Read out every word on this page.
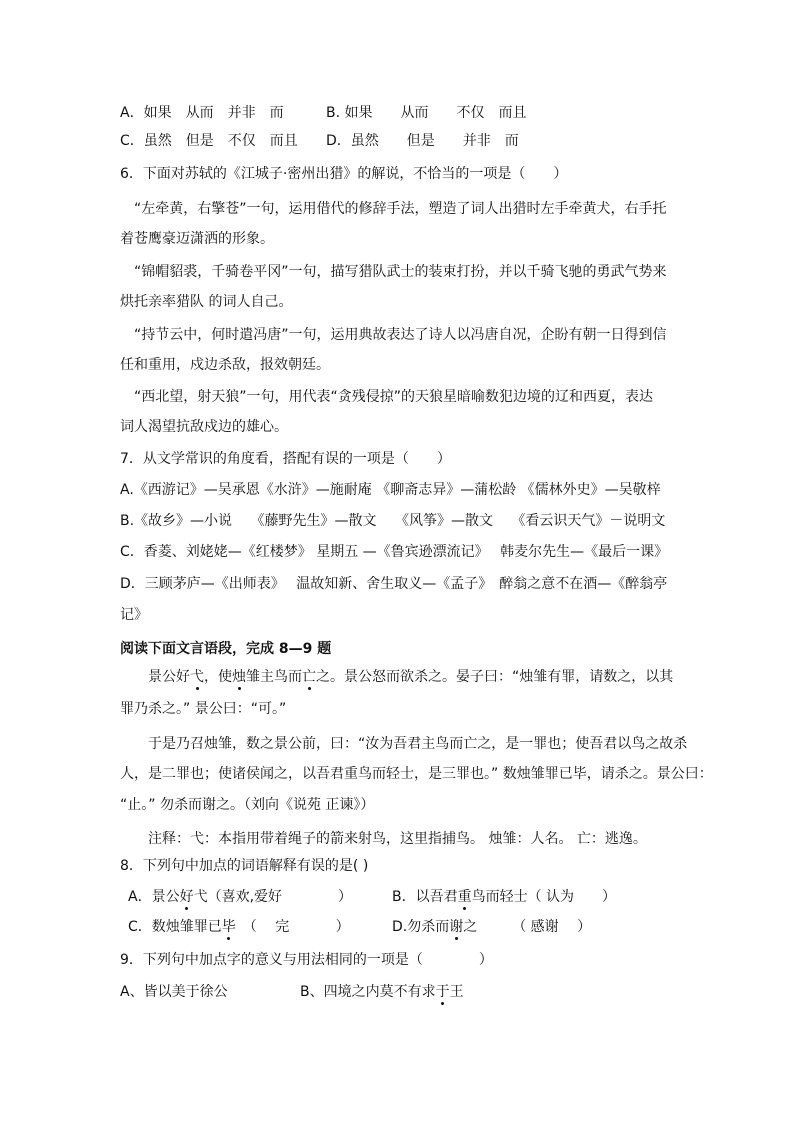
A．如果　从而　并非　而	B. 如果　　从而　　不仅　而且
C．虽然　但是　不仅　而且 D．虽然　　但是　　并非　而
6．下面对苏轼的《江城子·密州出猎》的解说，不恰当的一项是（　　）
“左牵黄，右擎苍”一句，运用借代的修辞手法，塑造了词人出猎时左手牵黄犬，右手托
着苍鹰豪迈潇洒的形象。
“锦帽貂裘，千骑卷平冈”一句，描写猎队武士的装束打扮，并以千骑飞驰的勇武气势来
烘托亲率猎队 的词人自己。
“持节云中，何时遣冯唐”一句，运用典故表达了诗人以冯唐自况，企盼有朝一日得到信
任和重用，戍边杀敌，报效朝廷。
“西北望，射天狼”一句，用代表“贪残侵掠”的天狼星暗喻数犯边境的辽和西夏，表达
词人渴望抗敌戍边的雄心。
7．从文学常识的角度看，搭配有误的一项是（　　）
A.《西游记》—吴承恩《水浒》—施耐庵 《聊斋志异》—蒲松龄 《儒林外史》—吴敬梓
B.《故乡》—小说　 《藤野先生》—散文　 《风筝》—散文　 《看云识天气》－说明文
C．香菱、刘姥姥—《红楼梦》 星期五 —《鲁宾逊漂流记》　 韩麦尔先生—《最后一课》
D．三顾茅庐—《出师表》　 温故知新、舍生取义—《孟子》　醉翁之意不在酒—《醉翁亭
记》
阅读下面文言语段，完成 8—9 题
　景公好弋，使烛雏主鸟而亡之。景公怒而欲杀之。晏子曰：“烛雏有罪，请数之，以其
罪乃杀之。” 景公曰：“可。”
　于是乃召烛雏，数之景公前，曰：“汝为吾君主鸟而亡之，是一罪也；使吾君以鸟之故杀
人，是二罪也；使诸侯闻之，以吾君重鸟而轻士，是三罪也。” 数烛雏罪已毕，请杀之。景公曰：
“止。” 勿杀而谢之。（刘向《说苑 正谏》）
　注释：弋：本指用带着绳子的箭来射鸟，这里指捕鸟。 烛雏：人名。 亡：逃逸。
8．下列句中加点的词语解释有误的是( )
A．景公好弋（喜欢,爱好　　　　）	B．以吾君重鸟而轻士（ 认为　　）
C．数烛雏罪已毕　（　 完　　　 ）	D.勿杀而谢之　　　（ 感谢　 ）
9．下列句中加点字的意义与用法相同的一项是（　　　　）
A、皆以美于徐公	B、四境之内莫不有求于王
